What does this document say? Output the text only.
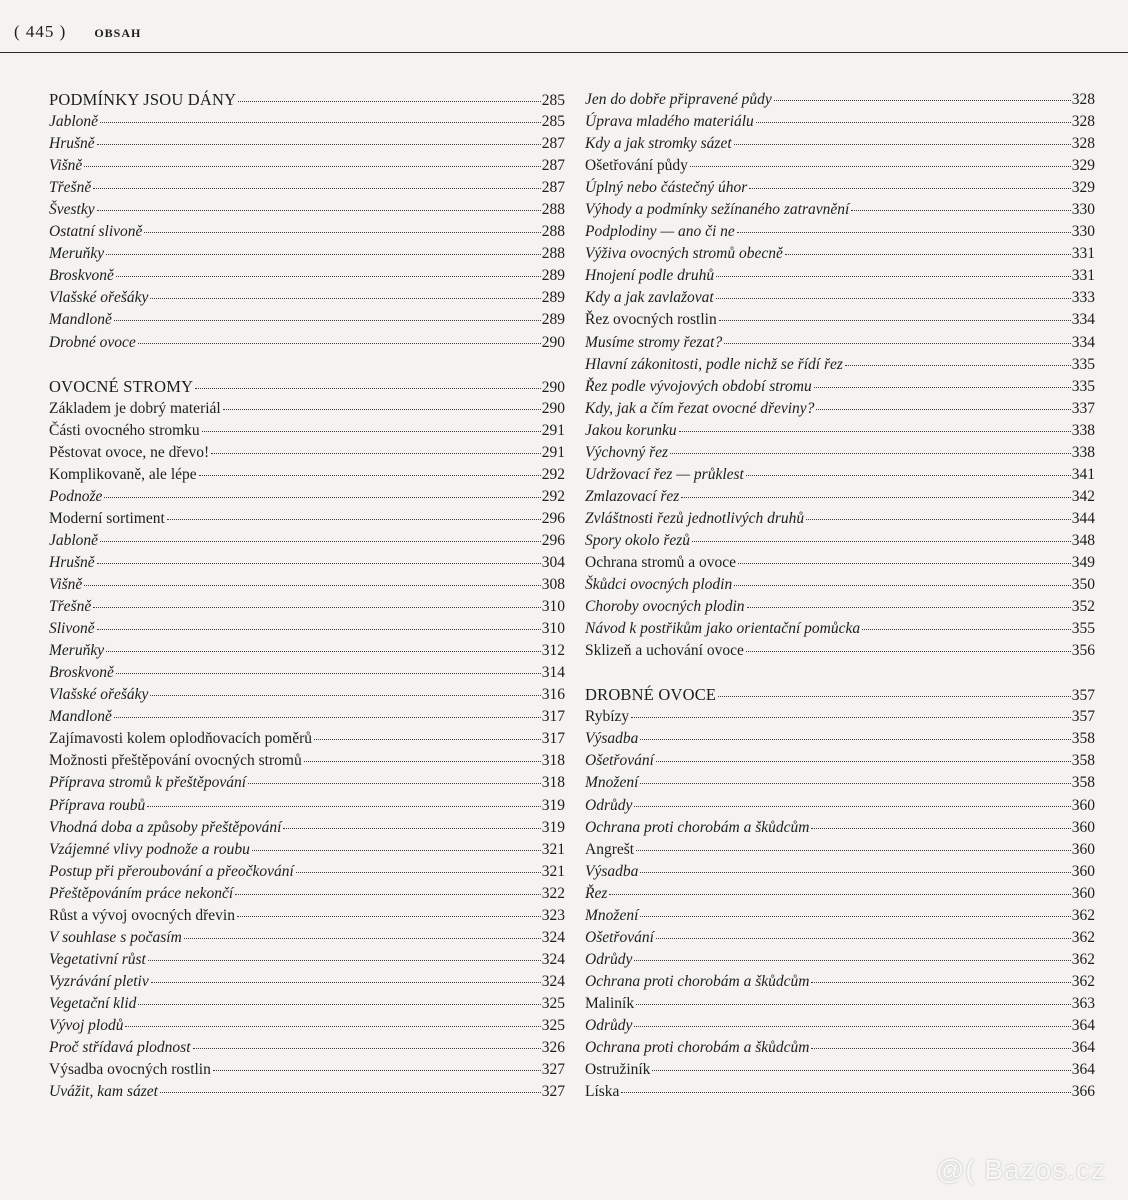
( 445 ) OBSAH
PODMÍNKY JSOU DÁNY	285
Jabloně	285
Hrušně	287
Višně	287
Třešně	287
Švestky	288
Ostatní slivoně	288
Meruňky	288
Broskvoně	289
Vlašské ořešáky	289
Mandloně	289
Drobné ovoce	290
OVOCNÉ STROMY	290
Základem je dobrý materiál	290
Části ovocného stromku	291
Pěstovat ovoce, ne dřevo!	291
Komplikovaně, ale lépe	292
Podnože	292
Moderní sortiment	296
Jabloně	296
Hrušně	304
Višně	308
Třešně	310
Slivoně	310
Meruňky	312
Broskvoně	314
Vlašské ořešáky	316
Mandloně	317
Zajímavosti kolem oplodňovacích poměrů	317
Možnosti přeštěpování ovocných stromů	318
Příprava stromů k přeštěpování	318
Příprava roubů	319
Vhodná doba a způsoby přeštěpování	319
Vzájemné vlivy podnože a roubu	321
Postup při přeroubování a přeočkování	321
Přeštěpováním práce nekončí	322
Růst a vývoj ovocných dřevin	323
V souhlase s počasím	324
Vegetativní růst	324
Vyzrávání pletiv	324
Vegetační klid	325
Vývoj plodů	325
Proč střídavá plodnost	326
Výsadba ovocných rostlin	327
Uvážit, kam sázet	327
Jen do dobře připravené půdy	328
Úprava mladého materiálu	328
Kdy a jak stromky sázet	328
Ošetřování půdy	329
Úplný nebo částečný úhor	329
Výhody a podmínky sežínaného zatravnění	330
Podplodiny — ano či ne	330
Výživa ovocných stromů obecně	331
Hnojení podle druhů	331
Kdy a jak zavlažovat	333
Řez ovocných rostlin	334
Musíme stromy řezat?	334
Hlavní zákonitosti, podle nichž se řídí řez	335
Řez podle vývojových období stromu	335
Kdy, jak a čím řezat ovocné dřeviny?	337
Jakou korunku	338
Výchovný řez	338
Udržovací řez — průklest	341
Zmlazovací řez	342
Zvláštnosti řezů jednotlivých druhů	344
Spory okolo řezů	348
Ochrana stromů a ovoce	349
Škůdci ovocných plodin	350
Choroby ovocných plodin	352
Návod k postřikům jako orientační pomůcka	355
Sklizeň a uchování ovoce	356
DROBNÉ OVOCE	357
Rybízy	357
Výsadba	358
Ošetřování	358
Množení	358
Odrůdy	360
Ochrana proti chorobám a škůdcům	360
Angrešt	360
Výsadba	360
Řez	360
Množení	362
Ošetřování	362
Odrůdy	362
Ochrana proti chorobám a škůdcům	362
Maliník	363
Odrůdy	364
Ochrana proti chorobám a škůdcům	364
Ostružiník	364
Líska	366
@( Bazos.cz
